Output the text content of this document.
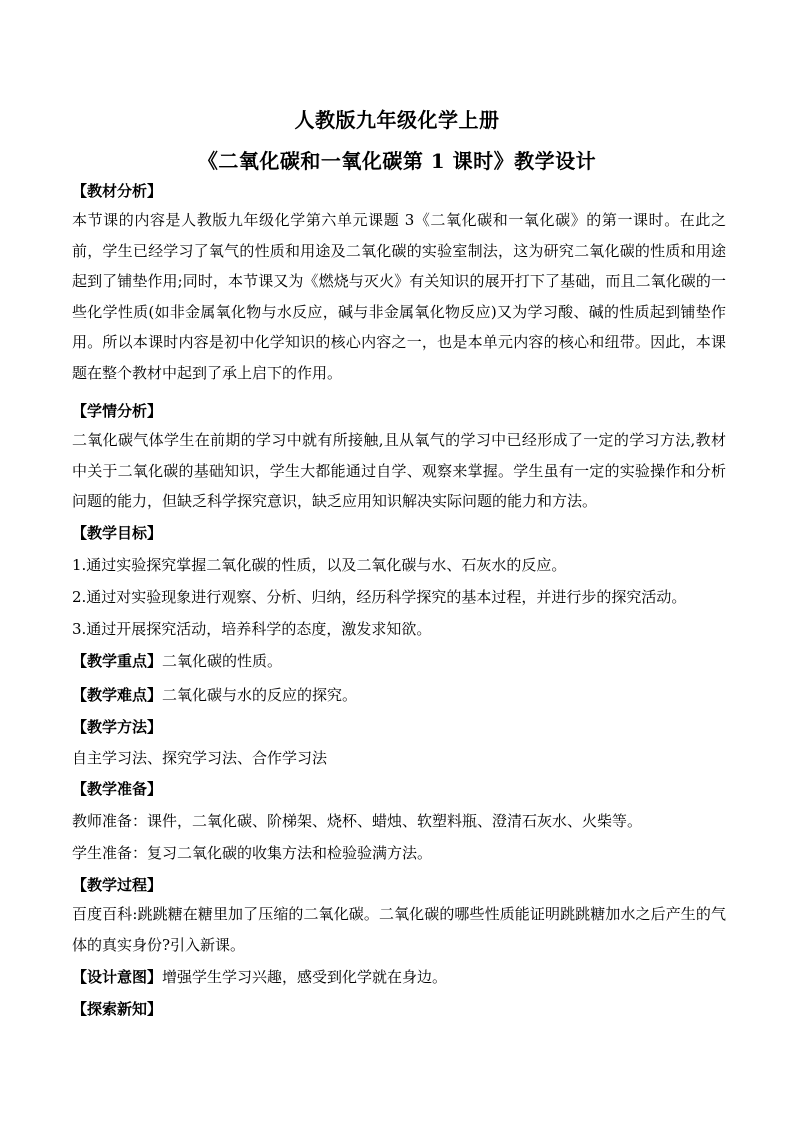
人教版九年级化学上册
《二氧化碳和一氧化碳第 1 课时》教学设计
【教材分析】
本节课的内容是人教版九年级化学第六单元课题 3《二氧化碳和一氧化碳》的第一课时。在此之前，学生已经学习了氧气的性质和用途及二氧化碳的实验室制法，这为研究二氧化碳的性质和用途起到了铺垫作用;同时，本节课又为《燃烧与灭火》有关知识的展开打下了基础，而且二氧化碳的一些化学性质(如非金属氧化物与水反应，碱与非金属氧化物反应)又为学习酸、碱的性质起到铺垫作用。所以本课时内容是初中化学知识的核心内容之一，也是本单元内容的核心和纽带。因此，本课题在整个教材中起到了承上启下的作用。
【学情分析】
二氧化碳气体学生在前期的学习中就有所接触,且从氧气的学习中已经形成了一定的学习方法,教材中关于二氧化碳的基础知识，学生大都能通过自学、观察来掌握。学生虽有一定的实验操作和分析问题的能力，但缺乏科学探究意识，缺乏应用知识解决实际问题的能力和方法。
【教学目标】
1.通过实验探究掌握二氧化碳的性质，以及二氧化碳与水、石灰水的反应。
2.通过对实验现象进行观察、分析、归纳，经历科学探究的基本过程，并进行步的探究活动。
3.通过开展探究活动，培养科学的态度，激发求知欲。
【教学重点】二氧化碳的性质。
【教学难点】二氧化碳与水的反应的探究。
【教学方法】
自主学习法、探究学习法、合作学习法
【教学准备】
教师准备：课件，二氧化碳、阶梯架、烧杯、蜡烛、软塑料瓶、澄清石灰水、火柴等。
学生准备：复习二氧化碳的收集方法和检验验满方法。
【教学过程】
百度百科:跳跳糖在糖里加了压缩的二氧化碳。二氧化碳的哪些性质能证明跳跳糖加水之后产生的气体的真实身份?引入新课。
【设计意图】增强学生学习兴趣，感受到化学就在身边。
【探索新知】
